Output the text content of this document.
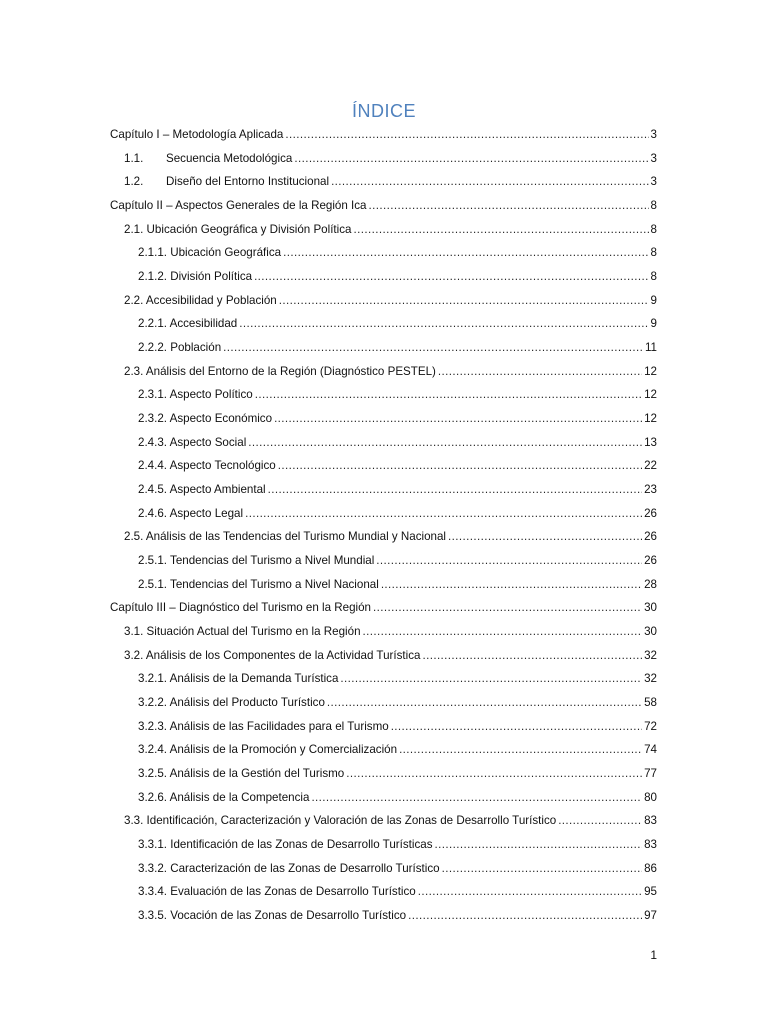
ÍNDICE
Capítulo I – Metodología Aplicada .....	3
1.1.	Secuencia Metodológica .....	3
1.2.	Diseño del Entorno Institucional .....	3
Capítulo II – Aspectos Generales de la Región Ica .....	8
2.1. Ubicación Geográfica y División Política .....	8
2.1.1. Ubicación Geográfica .....	8
2.1.2. División Política .....	8
2.2. Accesibilidad y Población .....	9
2.2.1. Accesibilidad .....	9
2.2.2. Población .....	11
2.3. Análisis del Entorno de la Región (Diagnóstico PESTEL) .....	12
2.3.1. Aspecto Político .....	12
2.3.2. Aspecto Económico .....	12
2.4.3. Aspecto Social .....	13
2.4.4. Aspecto Tecnológico .....	22
2.4.5. Aspecto Ambiental .....	23
2.4.6. Aspecto Legal .....	26
2.5. Análisis de las Tendencias del Turismo Mundial y Nacional .....	26
2.5.1. Tendencias del Turismo a Nivel Mundial .....	26
2.5.1. Tendencias del Turismo a Nivel Nacional .....	28
Capítulo III – Diagnóstico del Turismo en la Región .....	30
3.1. Situación Actual del Turismo en la Región .....	30
3.2. Análisis de los Componentes de la Actividad Turística .....	32
3.2.1. Análisis de la Demanda Turística .....	32
3.2.2. Análisis del Producto Turístico .....	58
3.2.3. Análisis de las Facilidades para el Turismo .....	72
3.2.4. Análisis de la Promoción y Comercialización .....	74
3.2.5. Análisis de la Gestión del Turismo .....	77
3.2.6. Análisis de la Competencia .....	80
3.3. Identificación, Caracterización y Valoración de las Zonas de Desarrollo Turístico .....	83
3.3.1. Identificación de las Zonas de Desarrollo Turísticas .....	83
3.3.2. Caracterización de las Zonas de Desarrollo Turístico .....	86
3.3.4. Evaluación de las Zonas de Desarrollo Turístico .....	95
3.3.5. Vocación de las Zonas de Desarrollo Turístico .....	97
1
